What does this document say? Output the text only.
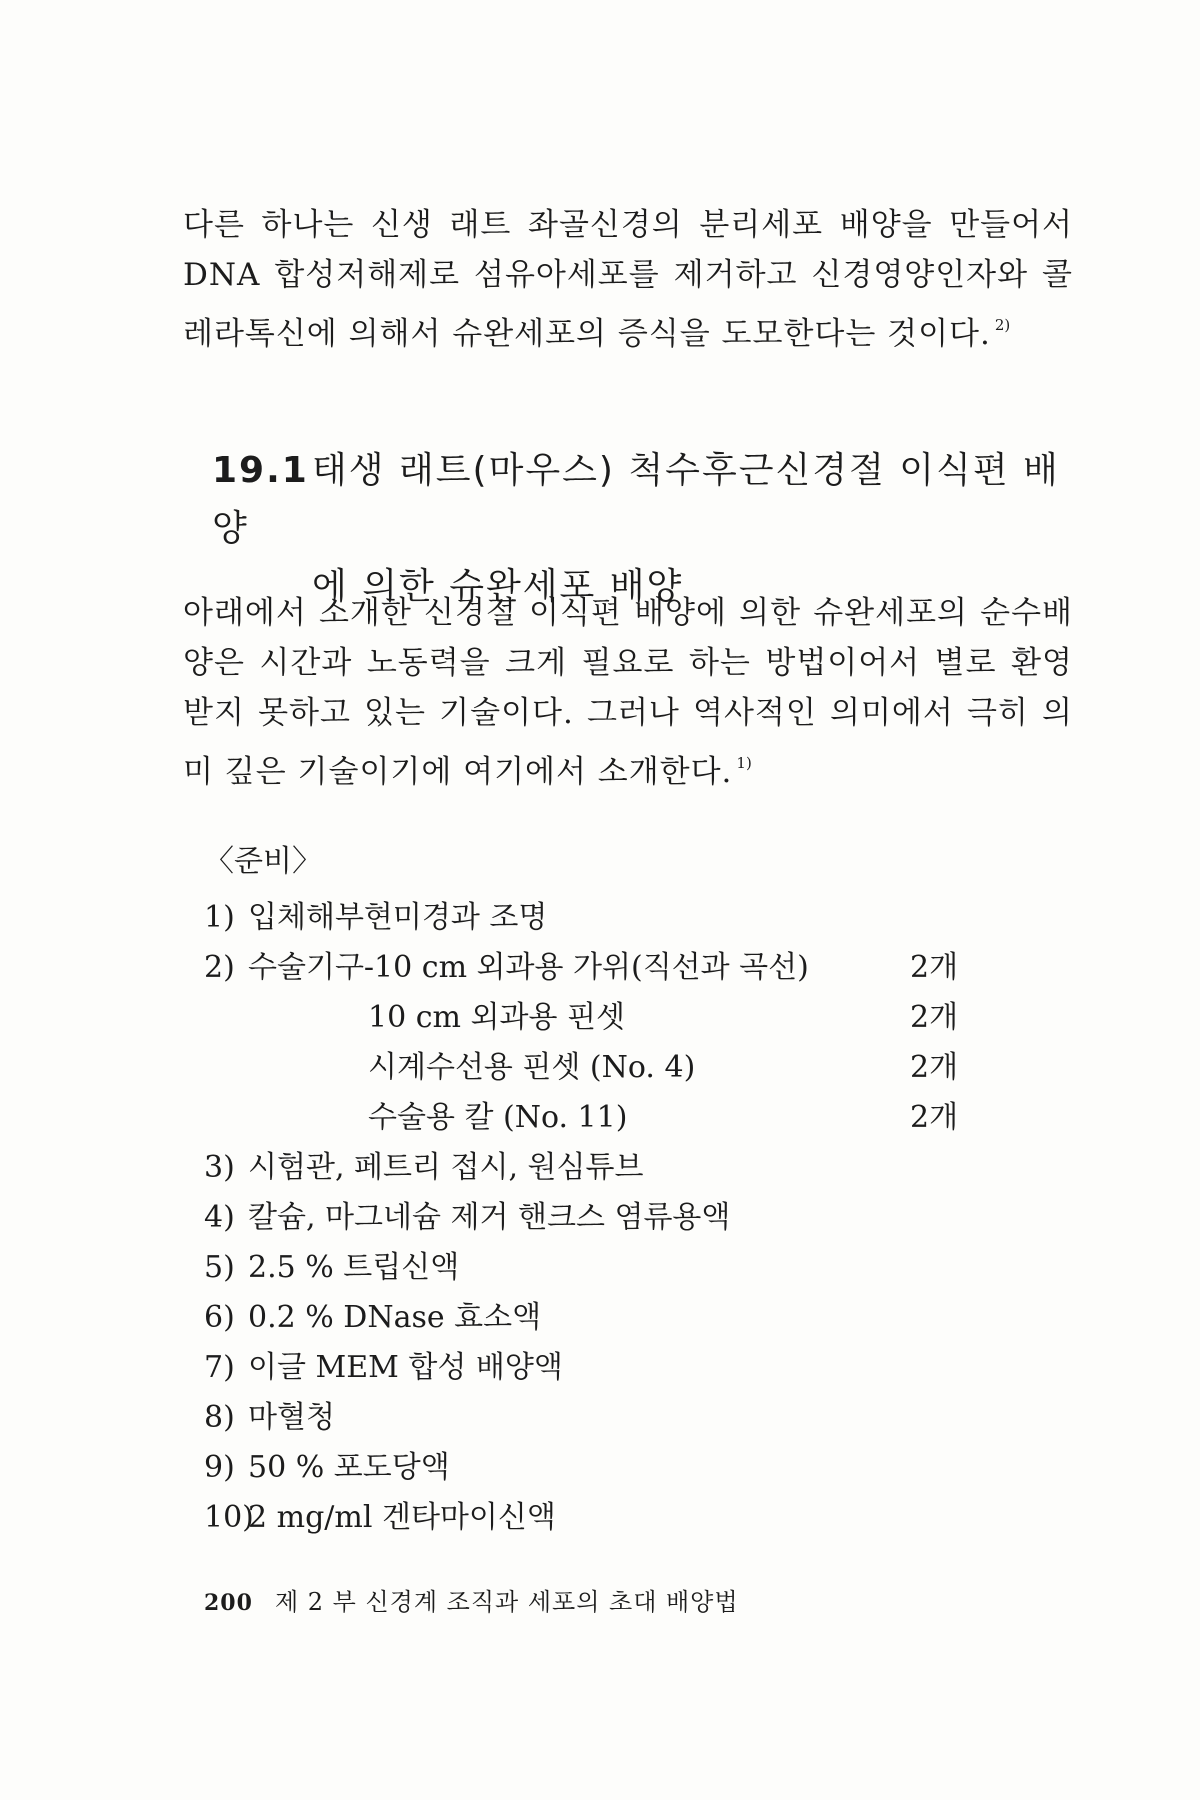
다른 하나는 신생 래트 좌골신경의 분리세포 배양을 만들어서 DNA 합성저해제로 섬유아세포를 제거하고 신경영양인자와 콜레라톡신에 의해서 슈완세포의 증식을 도모한다는 것이다. $^{2)}$

19.1태생 래트(마우스) 척수후근신경절 이식편 배양
에 의한 슈완세포 배양

아래에서 소개한 신경절 이식편 배양에 의한 슈완세포의 순수배양은 시간과 노동력을 크게 필요로 하는 방법이어서 별로 환영받지 못하고 있는 기술이다. 그러나 역사적인 의미에서 극히 의미 깊은 기술이기에 여기에서 소개한다. $^{1)}$

〈준비〉
1) 입체해부현미경과 조명
2) 수술기구-10 cm 외과용 가위(직선과 곡선)	2개
10 cm 외과용 핀셋	2개
시계수선용 핀셋 (No. 4)	2개
수술용 칼 (No. 11)	2개
3) 시험관, 페트리 접시, 원심튜브
4) 칼슘, 마그네슘 제거 핸크스 염류용액
5) 2.5 % 트립신액
6) 0.2 % DNase 효소액
7) 이글 MEM 합성 배양액
8) 마혈청
9) 50 % 포도당액
10)2 mg/ml 겐타마이신액
200 제 2 부 신경계 조직과 세포의 초대 배양법
